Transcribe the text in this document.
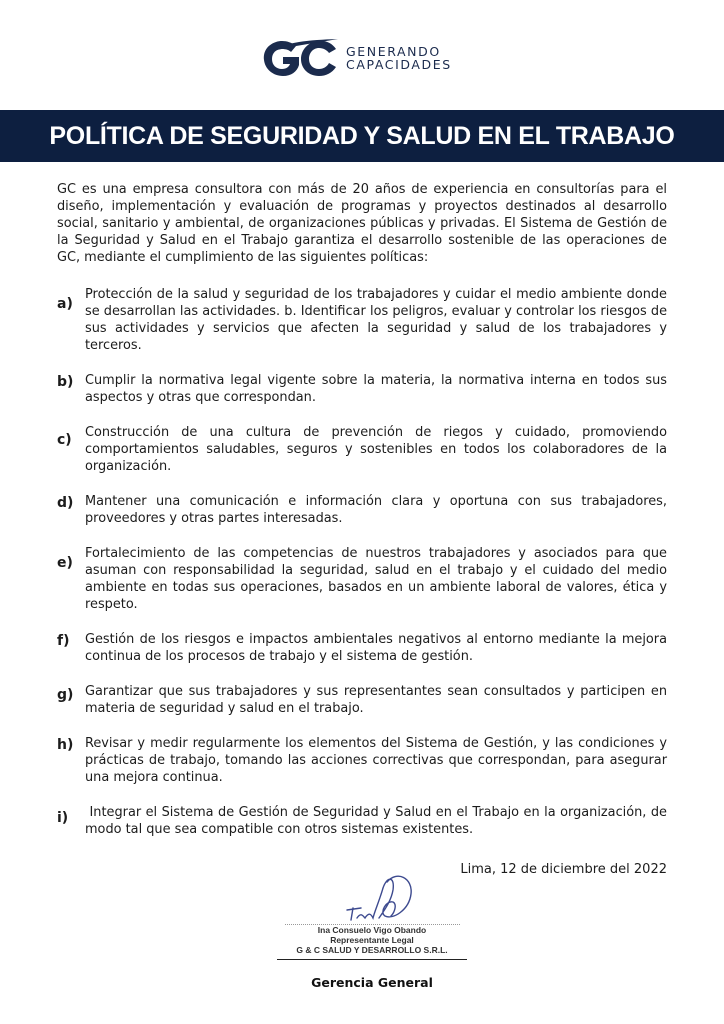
GENERANDO
CAPACIDADES
POLÍTICA DE SEGURIDAD Y SALUD EN EL TRABAJO

GC es una empresa consultora con más de 20 años de experiencia en consultorías para el diseño, implementación y evaluación de programas y proyectos destinados al desarrollo social, sanitario y ambiental, de organizaciones públicas y privadas. El Sistema de Gestión de la Seguridad y Salud en el Trabajo garantiza el desarrollo sostenible de las operaciones de GC, mediante el cumplimiento de las siguientes políticas:

a)
Protección de la salud y seguridad de los trabajadores y cuidar el medio ambiente donde se desarrollan las actividades. b. Identificar los peligros, evaluar y controlar los riesgos de sus actividades y servicios que afecten la seguridad y salud de los trabajadores y terceros.
b) Cumplir la normativa legal vigente sobre la materia, la normativa interna en todos sus aspectos y otras que correspondan.
c)	Construcción de una cultura de prevención de riegos y cuidado, promoviendo comportamientos saludables, seguros y sostenibles en todos los colaboradores de la organización.
d) Mantener una comunicación e información clara y oportuna con sus trabajadores, proveedores y otras partes interesadas.
e)
Fortalecimiento de las competencias de nuestros trabajadores y asociados para que asuman con responsabilidad la seguridad, salud en el trabajo y el cuidado del medio ambiente en todas sus operaciones, basados en un ambiente laboral de valores, ética y respeto.
f)	Gestión de los riesgos e impactos ambientales negativos al entorno mediante la mejora continua de los procesos de trabajo y el sistema de gestión.
g) Garantizar que sus trabajadores y sus representantes sean consultados y participen en materia de seguridad y salud en el trabajo.
h) Revisar y medir regularmente los elementos del Sistema de Gestión, y las condiciones y prácticas de trabajo, tomando las acciones correctivas que correspondan, para asegurar una mejora continua.
i)	Integrar el Sistema de Gestión de Seguridad y Salud en el Trabajo en la organización, de modo tal que sea compatible con otros sistemas existentes.
Lima, 12 de diciembre del 2022
Ina Consuelo Vigo Obando
Representante Legal
G & C SALUD Y DESARROLLO S.R.L.
Gerencia General
